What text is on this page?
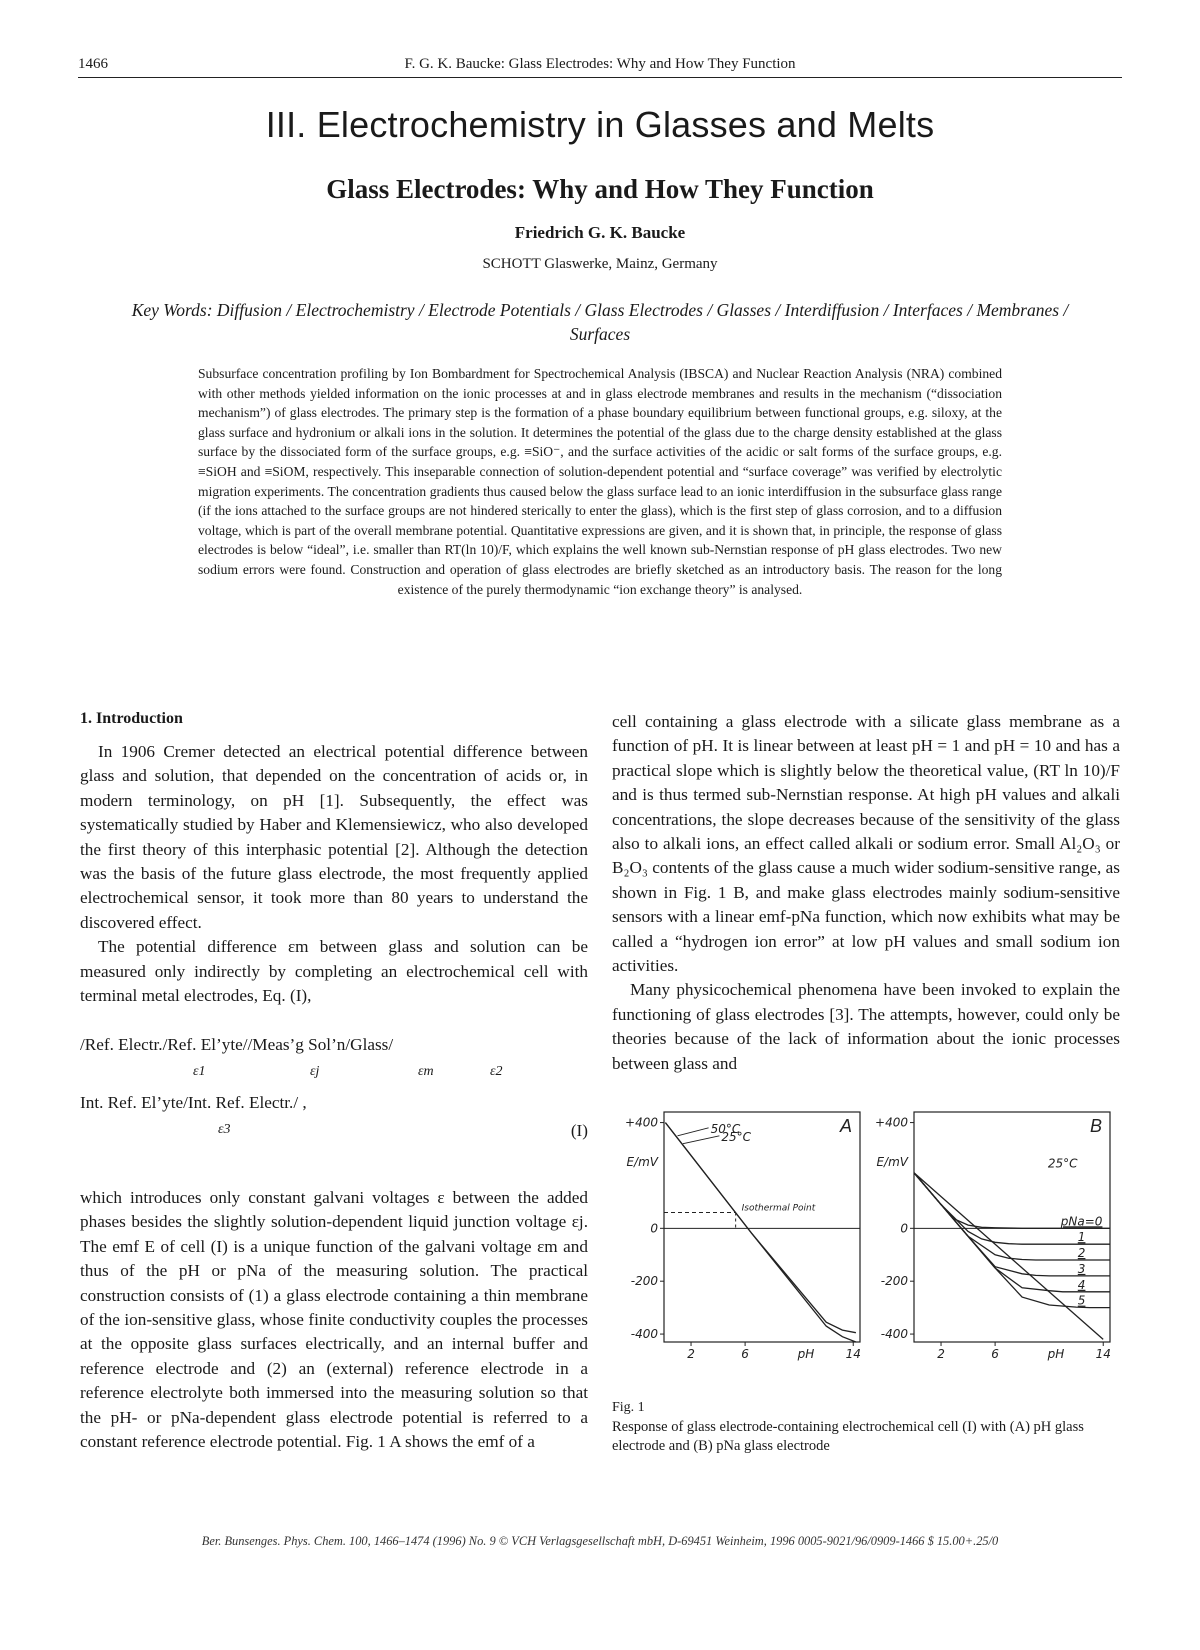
1466	F. G. K. Baucke: Glass Electrodes: Why and How They Function
III. Electrochemistry in Glasses and Melts
Glass Electrodes: Why and How They Function
Friedrich G. K. Baucke
SCHOTT Glaswerke, Mainz, Germany
Key Words: Diffusion / Electrochemistry / Electrode Potentials / Glass Electrodes / Glasses / Interdiffusion / Interfaces / Membranes / Surfaces
Subsurface concentration profiling by Ion Bombardment for Spectrochemical Analysis (IBSCA) and Nuclear Reaction Analysis (NRA) combined with other methods yielded information on the ionic processes at and in glass electrode membranes and results in the mechanism (“dissociation mechanism”) of glass electrodes. The primary step is the formation of a phase boundary equilibrium between functional groups, e.g. siloxy, at the glass surface and hydronium or alkali ions in the solution. It determines the potential of the glass due to the charge density established at the glass surface by the dissociated form of the surface groups, e.g. ≡SiO⁻, and the surface activities of the acidic or salt forms of the surface groups, e.g. ≡SiOH and ≡SiOM, respectively. This inseparable connection of solution-dependent potential and “surface coverage” was verified by electrolytic migration experiments. The concentration gradients thus caused below the glass surface lead to an ionic interdiffusion in the subsurface glass range (if the ions attached to the surface groups are not hindered sterically to enter the glass), which is the first step of glass corrosion, and to a diffusion voltage, which is part of the overall membrane potential. Quantitative expressions are given, and it is shown that, in principle, the response of glass electrodes is below “ideal”, i.e. smaller than RT(ln 10)/F, which explains the well known sub-Nernstian response of pH glass electrodes. Two new sodium errors were found. Construction and operation of glass electrodes are briefly sketched as an introductory basis. The reason for the long existence of the purely thermodynamic “ion exchange theory” is analysed.
1. Introduction

In 1906 Cremer detected an electrical potential difference between glass and solution, that depended on the concentration of acids or, in modern terminology, on pH [1]. Subsequently, the effect was systematically studied by Haber and Klemensiewicz, who also developed the first theory of this interphasic potential [2]. Although the detection was the basis of the future glass electrode, the most frequently applied electrochemical sensor, it took more than 80 years to understand the discovered effect.

The potential difference εm between glass and solution can be measured only indirectly by completing an electrochemical cell with terminal metal electrodes, Eq. (I),

/Ref. Electr./Ref. El’yte//Meas’g Sol’n/Glass/
ε1	εj	εm	ε2
Int. Ref. El’yte/Int. Ref. Electr./ ,
ε3	(I)

which introduces only constant galvani voltages ε between the added phases besides the slightly solution-dependent liquid junction voltage εj. The emf E of cell (I) is a unique function of the galvani voltage εm and thus of the pH or pNa of the measuring solution. The practical construction consists of (1) a glass electrode containing a thin membrane of the ion-sensitive glass, whose finite conductivity couples the processes at the opposite glass surfaces electrically, and an internal buffer and reference electrode and (2) an (external) reference electrode in a reference electrolyte both immersed into the measuring solution so that the pH- or pNa-dependent glass electrode potential is referred to a constant reference electrode potential. Fig. 1 A shows the emf of a

cell containing a glass electrode with a silicate glass membrane as a function of pH. It is linear between at least pH = 1 and pH = 10 and has a practical slope which is slightly below the theoretical value, (RT ln 10)/F and is thus termed sub-Nernstian response. At high pH values and alkali concentrations, the slope decreases because of the sensitivity of the glass also to alkali ions, an effect called alkali or sodium error. Small Al₂O₃ or B₂O₃ contents of the glass cause a much wider sodium-sensitive range, as shown in Fig. 1 B, and make glass electrodes mainly sodium-sensitive sensors with a linear emf-pNa function, which now exhibits what may be called a “hydrogen ion error” at low pH values and small sodium ion activities.

Many physicochemical phenomena have been invoked to explain the functioning of glass electrodes [3]. The attempts, however, could only be theories because of the lack of information about the ionic processes between glass and

+400
0
-200
-400
E/mV
2	6	14
pH
A
50°C
25°C
Isothermal Point
+400
0
-200
-400
E/mV
2	6	14
pH
B
pNa=0
1
2
3
4
5
25°C
Fig. 1
Response of glass electrode-containing electrochemical cell (I) with (A) pH glass electrode and (B) pNa glass electrode
Ber. Bunsenges. Phys. Chem. 100, 1466–1474 (1996) No. 9 © VCH Verlagsgesellschaft mbH, D-69451 Weinheim, 1996 0005-9021/96/0909-1466 $ 15.00+.25/0
